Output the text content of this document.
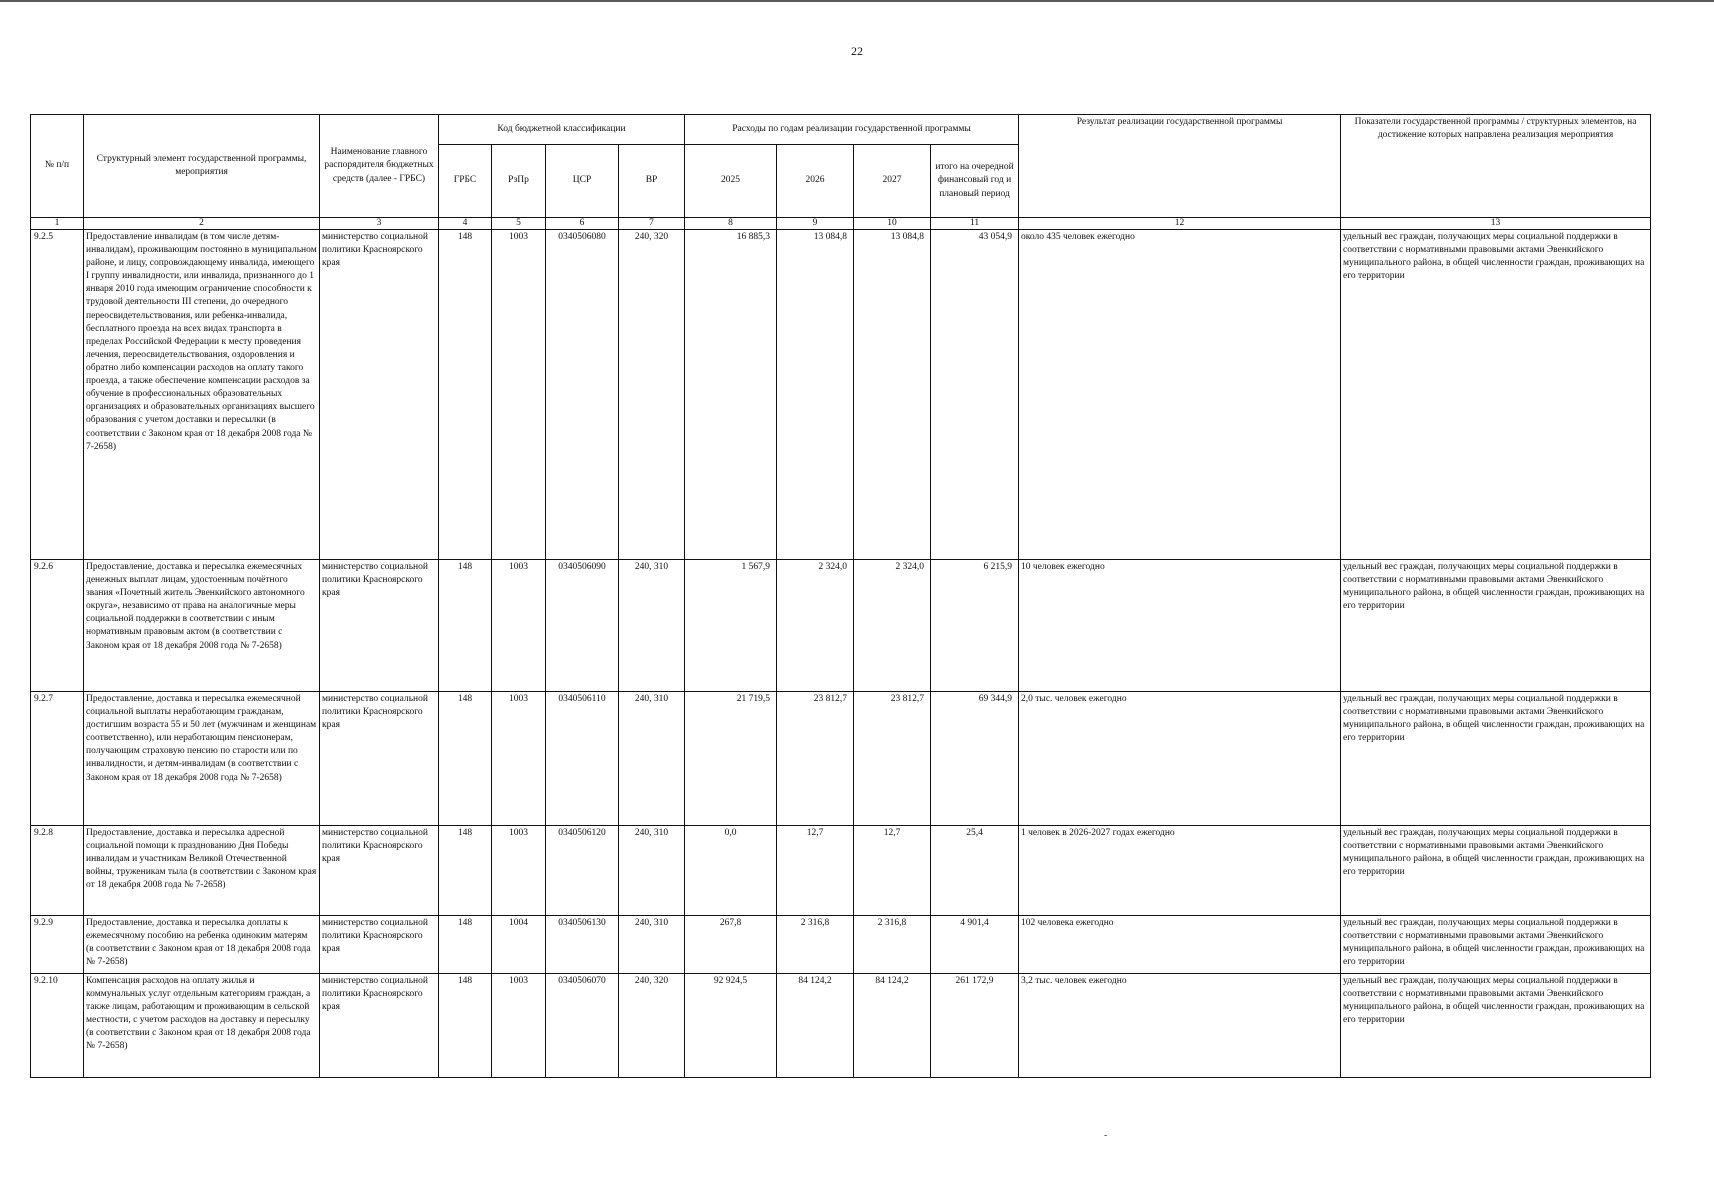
22
-
№ п/п	Структурный элемент государственной программы, мероприятия	Наименование главного распорядителя бюджетных средств (далее - ГРБС)	Код бюджетной классификации				Расходы по годам реализации государственной программы				Результат реализации государственной программы	Показатели государственной программы / структурных элементов, на достижение которых направлена реализация мероприятия
			ГРБС	РзПр	ЦСР	ВР	2025	2026	2027	итого на очередной финансовый год и плановый период		
1	2	3	4	5	6	7	8	9	10	11	12	13
9.2.5	Предоставление инвалидам (в том числе детям-инвалидам), проживающим постоянно в муниципальном районе, и лицу, сопровождающему инвалида, имеющего I группу инвалидности, или инвалида, признанного до 1 января 2010 года имеющим ограничение способности к трудовой деятельности III степени, до очередного переосвидетельствования, или ребенка-инвалида, бесплатного проезда на всех видах транспорта в пределах Российской Федерации к месту проведения лечения, переосвидетельствования, оздоровления и обратно либо компенсации расходов на оплату такого проезда, а также обеспечение компенсации расходов за обучение в профессиональных образовательных организациях и образовательных организациях высшего образования с учетом доставки и пересылки (в соответствии с Законом края от 18 декабря 2008 года № 7-2658)	министерство социальной политики Красноярского края	148	1003	0340506080	240, 320	16 885,3	13 084,8	13 084,8	43 054,9	около 435 человек ежегодно	удельный вес граждан, получающих меры социальной поддержки в соответствии с нормативными правовыми актами Эвенкийского муниципального района, в общей численности граждан, проживающих на его территории
9.2.6	Предоставление, доставка и пересылка ежемесячных денежных выплат лицам, удостоенным почётного звания «Почетный житель Эвенкийского автономного округа», независимо от права на аналогичные меры социальной поддержки в соответствии с иным нормативным правовым актом (в соответствии с Законом края от 18 декабря 2008 года № 7-2658)	министерство социальной политики Красноярского края	148	1003	0340506090	240, 310	1 567,9	2 324,0	2 324,0	6 215,9	10 человек ежегодно	удельный вес граждан, получающих меры социальной поддержки в соответствии с нормативными правовыми актами Эвенкийского муниципального района, в общей численности граждан, проживающих на его территории
9.2.7	Предоставление, доставка и пересылка ежемесячной социальной выплаты неработающим гражданам, достигшим возраста 55 и 50 лет (мужчинам и женщинам соответственно), или неработающим пенсионерам, получающим страховую пенсию по старости или по инвалидности, и детям-инвалидам (в соответствии с Законом края от 18 декабря 2008 года № 7-2658)	министерство социальной политики Красноярского края	148	1003	0340506110	240, 310	21 719,5	23 812,7	23 812,7	69 344,9	2,0 тыс. человек ежегодно	удельный вес граждан, получающих меры социальной поддержки в соответствии с нормативными правовыми актами Эвенкийского муниципального района, в общей численности граждан, проживающих на его территории
9.2.8	Предоставление, доставка и пересылка адресной социальной помощи к празднованию Дня Победы инвалидам и участникам Великой Отечественной войны, труженикам тыла (в соответствии с Законом края от 18 декабря 2008 года № 7-2658)	министерство социальной политики Красноярского края	148	1003	0340506120	240, 310	0,0	12,7	12,7	25,4	1 человек в 2026-2027 годах ежегодно	удельный вес граждан, получающих меры социальной поддержки в соответствии с нормативными правовыми актами Эвенкийского муниципального района, в общей численности граждан, проживающих на его территории
9.2.9	Предоставление, доставка и пересылка доплаты к ежемесячному пособию на ребенка одиноким матерям (в соответствии с Законом края от 18 декабря 2008 года № 7-2658)	министерство социальной политики Красноярского края	148	1004	0340506130	240, 310	267,8	2 316,8	2 316,8	4 901,4	102 человека ежегодно	удельный вес граждан, получающих меры социальной поддержки в соответствии с нормативными правовыми актами Эвенкийского муниципального района, в общей численности граждан, проживающих на его территории
9.2.10	Компенсация расходов на оплату жилья и коммунальных услуг отдельным категориям граждан, а также лицам, работающим и проживающим в сельской местности, с учетом расходов на доставку и пересылку (в соответствии с Законом края от 18 декабря 2008 года № 7-2658)	министерство социальной политики Красноярского края	148	1003	0340506070	240, 320	92 924,5	84 124,2	84 124,2	261 172,9	3,2 тыс. человек ежегодно	удельный вес граждан, получающих меры социальной поддержки в соответствии с нормативными правовыми актами Эвенкийского муниципального района, в общей численности граждан, проживающих на его территории
